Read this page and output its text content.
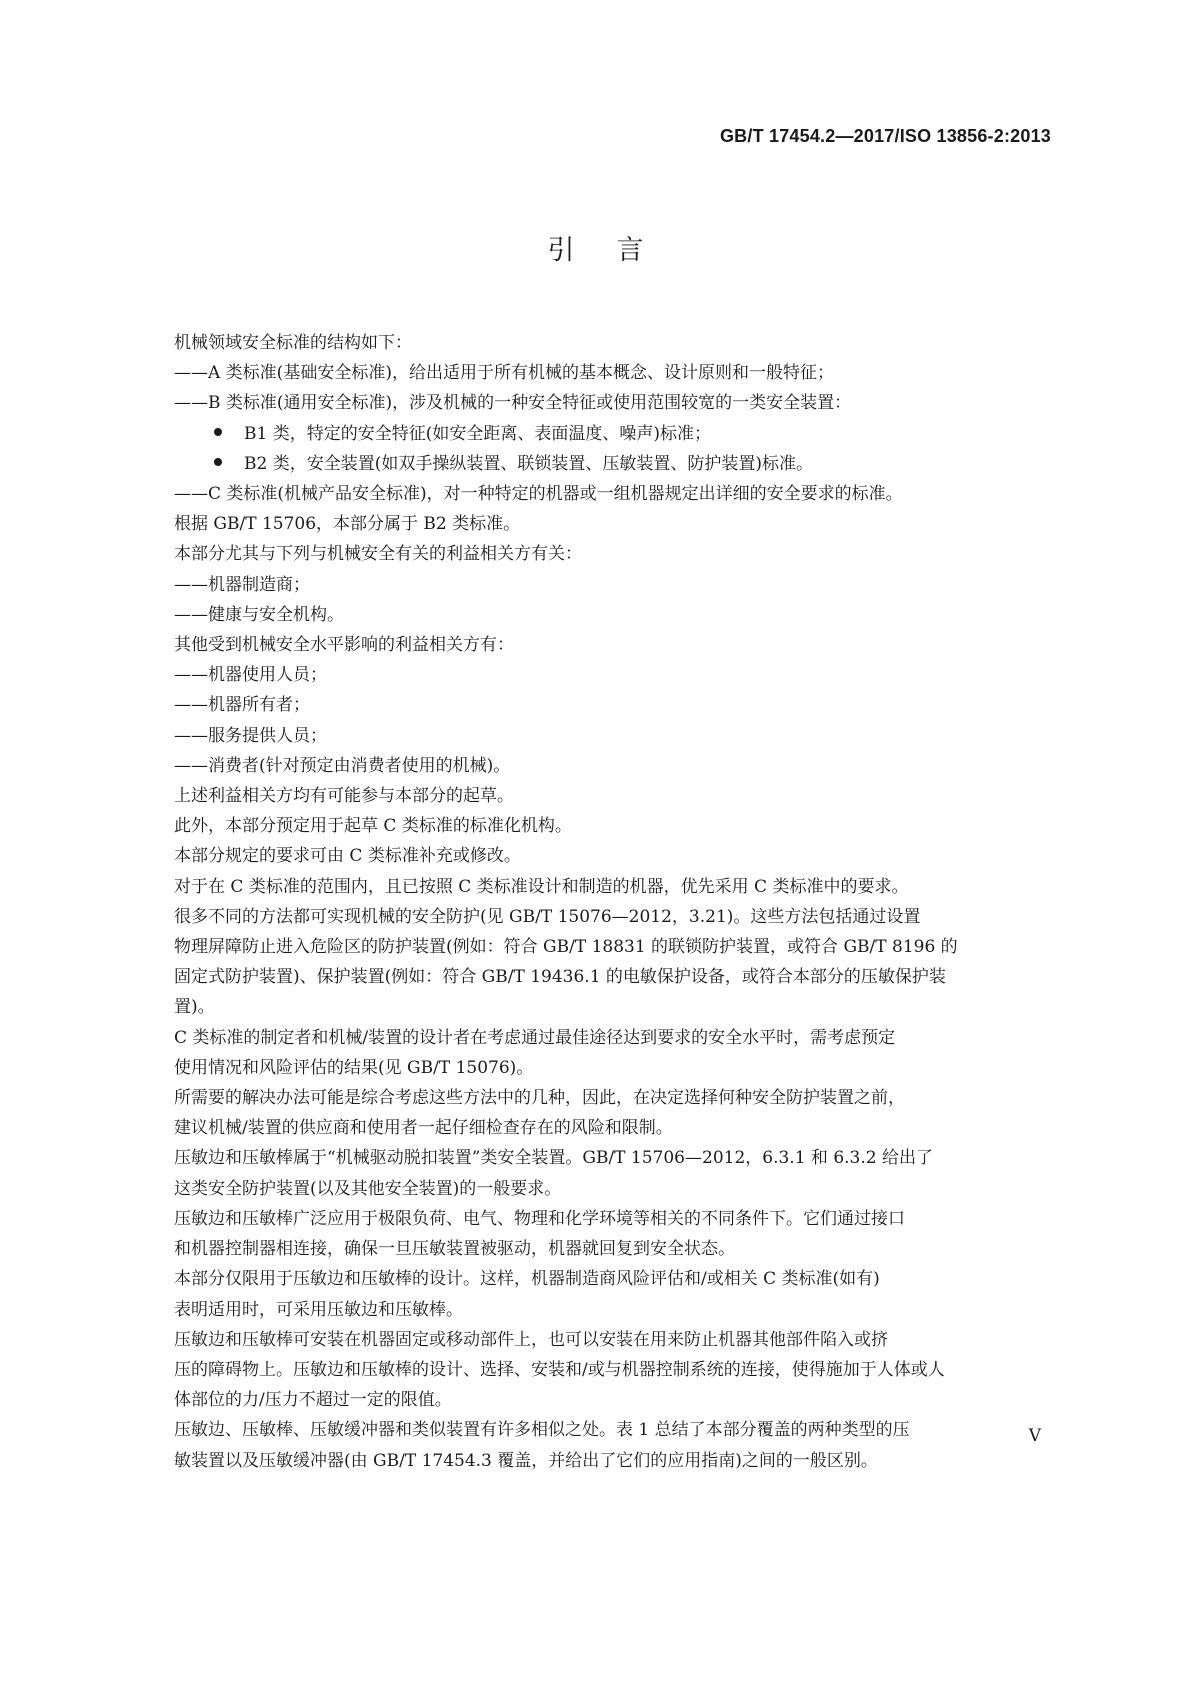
GB/T 17454.2—2017/ISO 13856-2:2013
引言
机械领域安全标准的结构如下：
——A 类标准(基础安全标准)，给出适用于所有机械的基本概念、设计原则和一般特征；
——B 类标准(通用安全标准)，涉及机械的一种安全特征或使用范围较宽的一类安全装置：
B1 类，特定的安全特征(如安全距离、表面温度、噪声)标准；
B2 类，安全装置(如双手操纵装置、联锁装置、压敏装置、防护装置)标准。
——C 类标准(机械产品安全标准)，对一种特定的机器或一组机器规定出详细的安全要求的标准。
根据 GB/T 15706，本部分属于 B2 类标准。
本部分尤其与下列与机械安全有关的利益相关方有关：
——机器制造商；
——健康与安全机构。
其他受到机械安全水平影响的利益相关方有：
——机器使用人员；
——机器所有者；
——服务提供人员；
——消费者(针对预定由消费者使用的机械)。
上述利益相关方均有可能参与本部分的起草。
此外，本部分预定用于起草 C 类标准的标准化机构。
本部分规定的要求可由 C 类标准补充或修改。
对于在 C 类标准的范围内，且已按照 C 类标准设计和制造的机器，优先采用 C 类标准中的要求。
很多不同的方法都可实现机械的安全防护(见 GB/T 15076—2012，3.21)。这些方法包括通过设置
物理屏障防止进入危险区的防护装置(例如：符合 GB/T 18831 的联锁防护装置，或符合 GB/T 8196 的
固定式防护装置)、保护装置(例如：符合 GB/T 19436.1 的电敏保护设备，或符合本部分的压敏保护装
置)。
C 类标准的制定者和机械/装置的设计者在考虑通过最佳途径达到要求的安全水平时，需考虑预定
使用情况和风险评估的结果(见 GB/T 15076)。
所需要的解决办法可能是综合考虑这些方法中的几种，因此，在决定选择何种安全防护装置之前，
建议机械/装置的供应商和使用者一起仔细检查存在的风险和限制。
压敏边和压敏棒属于“机械驱动脱扣装置”类安全装置。GB/T 15706—2012，6.3.1 和 6.3.2 给出了
这类安全防护装置(以及其他安全装置)的一般要求。
压敏边和压敏棒广泛应用于极限负荷、电气、物理和化学环境等相关的不同条件下。它们通过接口
和机器控制器相连接，确保一旦压敏装置被驱动，机器就回复到安全状态。
本部分仅限用于压敏边和压敏棒的设计。这样，机器制造商风险评估和/或相关 C 类标准(如有)
表明适用时，可采用压敏边和压敏棒。
压敏边和压敏棒可安装在机器固定或移动部件上，也可以安装在用来防止机器其他部件陷入或挤
压的障碍物上。压敏边和压敏棒的设计、选择、安装和/或与机器控制系统的连接，使得施加于人体或人
体部位的力/压力不超过一定的限值。
压敏边、压敏棒、压敏缓冲器和类似装置有许多相似之处。表 1 总结了本部分覆盖的两种类型的压
敏装置以及压敏缓冲器(由 GB/T 17454.3 覆盖，并给出了它们的应用指南)之间的一般区别。
V
